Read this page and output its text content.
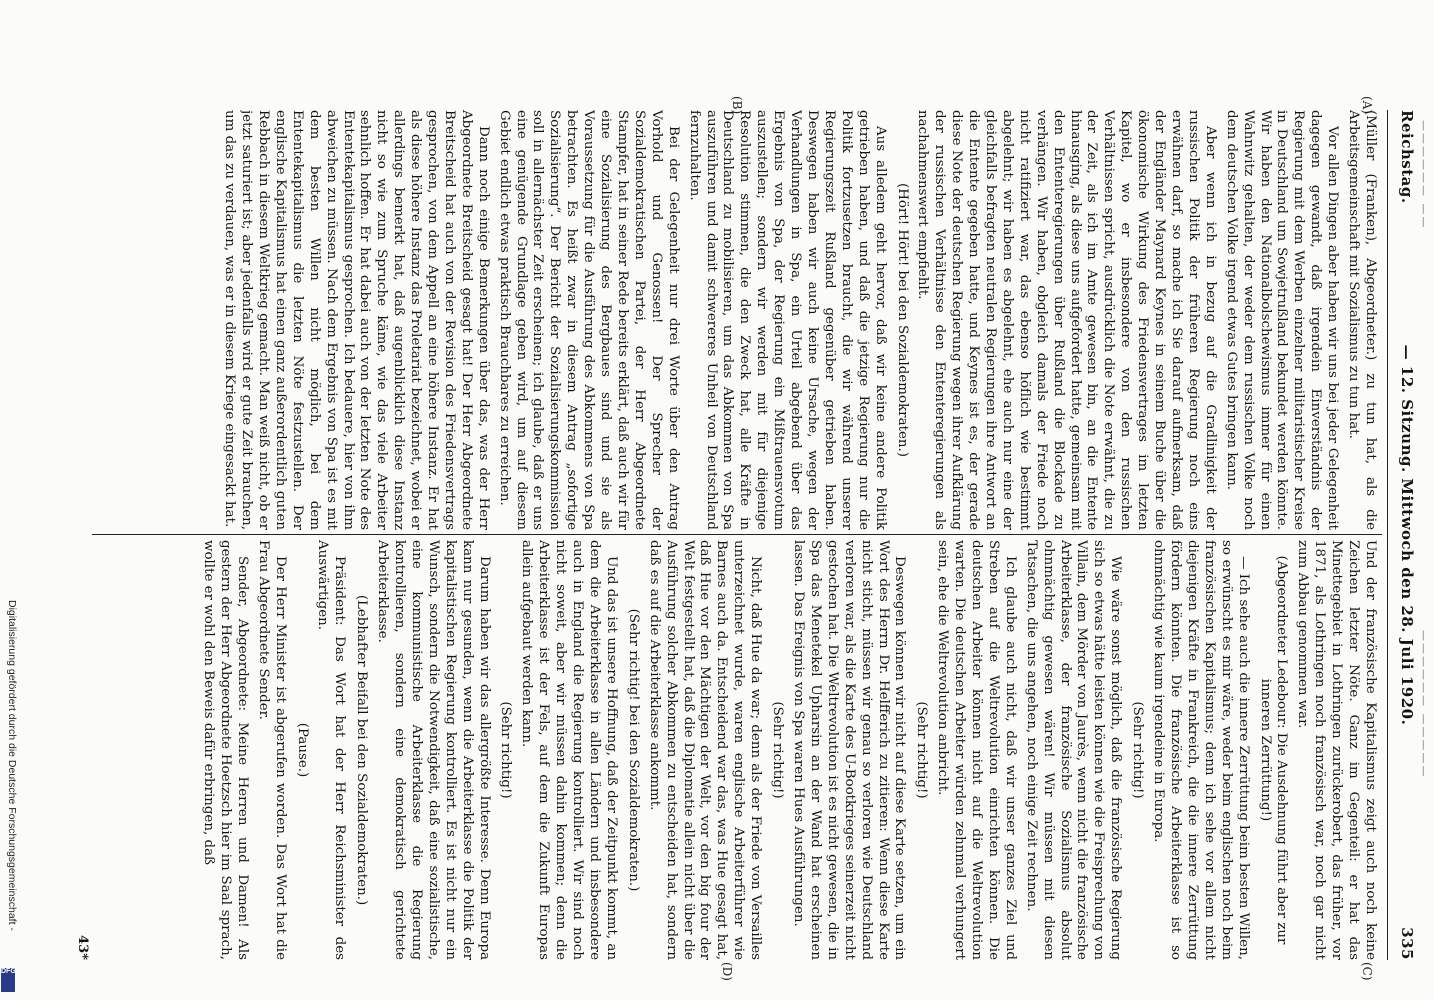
—————— ——
—————— —————
Reichstag.
— 12. Sitzung. Mittwoch den 28. Juli 1920.
335
(A)
(B)
(C)
(D)

(Müller (Franken), Abgeordneter.) zu tun hat, als die Arbeitsgemeinschaft mit Sozialismus zu tun hat.

Vor allen Dingen aber haben wir uns bei jeder Gelegenheit dagegen gewandt, daß irgendein Einverständnis der Regierung mit dem Werben einzelner militaristischer Kreise in Deutschland um Sowjetrußland bekundet werden könnte. Wir haben den Nationalbolschewismus immer für einen Wahnwitz gehalten, der weder dem russischen Volke noch dem deutschen Volke irgend etwas Gutes bringen kann.

Aber wenn ich in bezug auf die Gradlinigkeit der russischen Politik der früheren Regierung noch eins erwähnen darf, so mache ich Sie darauf aufmerksam, daß der Engländer Maynard Keynes in seinem Buche über die ökonomische Wirkung des Friedensvertrages im letzten Kapitel, wo er insbesondere von den russischen Verhältnissen spricht, ausdrücklich die Note erwähnt, die zu der Zeit, als ich im Amte gewesen bin, an die Entente hinausging, als diese uns aufgefordert hatte, gemeinsam mit den Ententeregierungen über Rußland die Blockade zu verhängen. Wir haben, obgleich damals der Friede noch nicht ratifiziert war, das ebenso höflich wie bestimmt abgelehnt; wir haben es abgelehnt, ehe auch nur eine der gleichfalls befragten neutralen Regierungen ihre Antwort an die Entente gegeben hatte, und Keynes ist es, der gerade diese Note der deutschen Regierung wegen ihrer Aufklärung der russischen Verhältnisse den Ententeregierungen als nachahmenswert empfiehlt.

(Hört! Hört! bei den Sozialdemokraten.)

Aus alledem geht hervor, daß wir keine andere Politik getrieben haben, und daß die jetzige Regierung nur die Politik fortzusetzen braucht, die wir während unserer Regierungszeit Rußland gegenüber getrieben haben. Deswegen haben wir auch keine Ursache, wegen der Verhandlungen in Spa, ein Urteil abgebend über das Ergebnis von Spa, der Regierung ein Mißtrauensvotum auszustellen; sondern wir werden mit für diejenige Resolution stimmen, die den Zweck hat, alle Kräfte in Deutschland zu mobilisieren, um das Abkommen von Spa auszuführen und damit schwereres Unheil von Deutschland fernzuhalten.

Bei der Gelegenheit nur drei Worte über den Antrag Vorhold und Genossen! Der Sprecher der Sozialdemokratischen Partei, der Herr Abgeordnete Stampfer, hat in seiner Rede bereits erklärt, daß auch wir für eine Sozialisierung des Bergbaues sind und sie als Voraussetzung für die Ausführung des Abkommens von Spa betrachten. Es heißt zwar in diesem Antrag „sofortige Sozialisierung“. Der Bericht der Sozialisierungskommission soll in allernächster Zeit erscheinen; ich glaube, daß er uns eine genügende Grundlage geben wird, um auf diesem Gebiet endlich etwas praktisch Brauchbares zu erreichen.

Dann noch einige Bemerkungen über das, was der Herr Abgeordnete Breitscheid gesagt hat! Der Herr Abgeordnete Breitscheid hat auch von der Revision des Friedensvertrags gesprochen, von dem Appell an eine höhere Instanz. Er hat als diese höhere Instanz das Proletariat bezeichnet, wobei er allerdings bemerkt hat, daß augenblicklich diese Instanz nicht so wie zum Spruche käme, wie das viele Arbeiter sehnlich hoffen. Er hat dabei auch von der letzten Note des Ententekapitalismus gesprochen. Ich bedauere, hier von ihm abweichen zu müssen. Nach dem Ergebnis von Spa ist es mit dem besten Willen nicht möglich, bei dem Ententekapitalismus die letzten Nöte festzustellen. Der englische Kapitalismus hat einen ganz außerordentlich guten Rebbach in diesem Weltkrieg gemacht. Man weiß nicht, ob er jetzt saturiert ist; aber jedenfalls wird er gute Zeit brauchen, um das zu verdauen, was er in diesem Kriege eingesackt hat.

Und der französische Kapitalismus zeigt auch noch keine Zeichen letzter Nöte. Ganz im Gegenteil: er hat das Minettegebiet in Lothringen zurückerobert, das früher, vor 1871, als Lothringen noch französisch war, noch gar nicht zum Abbau genommen war.

(Abgeordneter Ledebour: Die Ausdehnung führt aber zur inneren Zerrüttung!)

— Ich sehe auch die innere Zerrüttung beim besten Willen, so erwünscht es mir wäre, weder beim englischen noch beim französischen Kapitalismus; denn ich sehe vor allem nicht diejenigen Kräfte in Frankreich, die die innere Zerrüttung fördern könnten. Die französische Arbeiterklasse ist so ohnmächtig wie kaum irgendeine in Europa.

(Sehr richtig!)

Wie wäre sonst möglich, daß die französische Regierung sich so etwas hätte leisten können wie die Freisprechung von Villain, dem Mörder von Jaurès, wenn nicht die französische Arbeiterklasse, der französische Sozialismus absolut ohnmächtig gewesen wären! Wir müssen mit diesen Tatsachen, die uns angehen, noch einige Zeit rechnen.

Ich glaube auch nicht, daß wir unser ganzes Ziel und Streben auf die Weltrevolution einrichten können. Die deutschen Arbeiter können nicht auf die Weltrevolution warten. Die deutschen Arbeiter würden zehnmal verhungert sein, ehe die Weltrevolution anbricht.

(Sehr richtig!)

Deswegen können wir nicht auf diese Karte setzen, um ein Wort des Herrn Dr. Helfferich zu zitieren: Wenn diese Karte nicht sticht, müssen wir genau so verloren wie Deutschland verloren war, als die Karte des U-Bootkrieges seinerzeit nicht gestochen hat. Die Weltrevolution ist es nicht gewesen, die in Spa das Menetekel Upharsin an der Wand hat erscheinen lassen. Das Ereignis von Spa waren Hues Ausführungen.

(Sehr richtig!)

Nicht, daß Hue da war; denn als der Friede von Versailles unterzeichnet wurde, waren englische Arbeiterführer wie Barnes auch da. Entscheidend war das, was Hue gesagt hat, daß Hue vor den Mächtigen der Welt, vor den big four der Welt festgestellt hat, daß die Diplomatie allein nicht über die Ausführung solcher Abkommen zu entscheiden hat, sondern daß es auf die Arbeiterklasse ankommt.

(Sehr richtig! bei den Sozialdemokraten.)

Und das ist unsere Hoffnung, daß der Zeitpunkt kommt, an dem die Arbeiterklasse in allen Ländern und insbesondere auch in England die Regierung kontrolliert. Wir sind noch nicht soweit, aber wir müssen dahin kommen; denn die Arbeiterklasse ist der Fels, auf dem die Zukunft Europas allein aufgebaut werden kann.

(Sehr richtig!)

Darum haben wir das allergrößte Interesse. Denn Europa kann nur gesunden, wenn die Arbeiterklasse die Politik der kapitalistischen Regierung kontrolliert. Es ist nicht nur ein Wunsch, sondern die Notwendigkeit, daß eine sozialistische, eine kommunistische Arbeiterklasse die Regierung kontrollieren, sondern eine demokratisch gerichtete Arbeiterklasse.

(Lebhafter Beifall bei den Sozialdemokraten.)

Präsident: Das Wort hat der Herr Reichsminister des Auswärtigen.

(Pause.)

Der Herr Minister ist abgerufen worden. Das Wort hat die Frau Abgeordnete Sender.

Sender, Abgeordnete: Meine Herren und Damen! Als gestern der Herr Abgeordnete Hoetzsch hier im Saal sprach, wollte er wohl den Beweis dafür erbringen, daß

43*
Digitalisierung gefördert durch die Deutsche Forschungsgemeinschaft -
DFG
